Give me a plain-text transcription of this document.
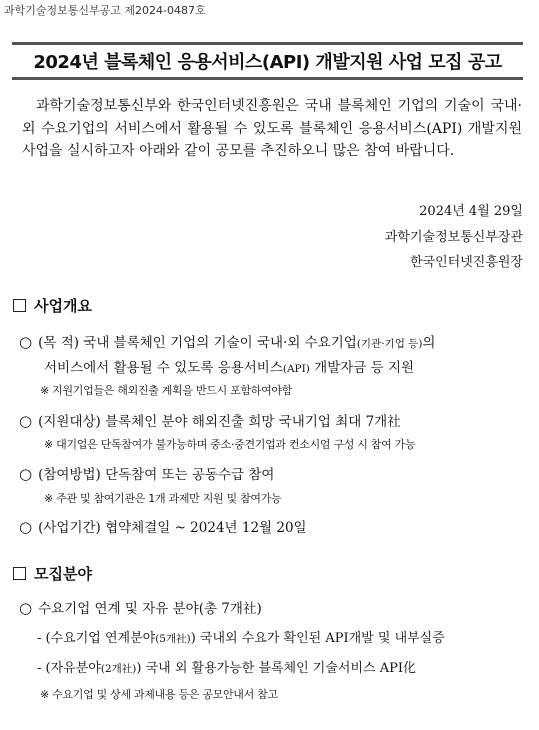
과학기술정보통신부공고 제2024-0487호
2024년 블록체인 응용서비스(API) 개발지원 사업 모집 공고
과학기술정보통신부와 한국인터넷진흥원은 국내 블록체인 기업의 기술이 국내·외 수요기업의 서비스에서 활용될 수 있도록 블록체인 응용서비스(API) 개발지원 사업을 실시하고자 아래와 같이 공모를 추진하오니 많은 참여 바랍니다.
2024년 4월 29일
과학기술정보통신부장관
한국인터넷진흥원장
사업개요
○ (목 적) 국내 블록체인 기업의 기술이 국내·외 수요기업(기관·기업 등)의
서비스에서 활용될 수 있도록 응용서비스(API) 개발자금 등 지원
※ 지원기업들은 해외진출 계획을 반드시 포함하여야함
○ (지원대상) 블록체인 분야 해외진출 희망 국내기업 최대 7개社
※ 대기업은 단독참여가 불가능하며 중소·중견기업과 컨소시엄 구성 시 참여 가능
○ (참여방법) 단독참여 또는 공동수급 참여
※ 주관 및 참여기관은 1개 과제만 지원 및 참여가능
○ (사업기간) 협약체결일 ~ 2024년 12월 20일
모집분야
○ 수요기업 연계 및 자유 분야(총 7개社)
- (수요기업 연계분야(5개社)) 국내외 수요가 확인된 API개발 및 내부실증
- (자유분야(2개社)) 국내 외 활용가능한 블록체인 기술서비스 API化
※ 수요기업 및 상세 과제내용 등은 공모안내서 참고
